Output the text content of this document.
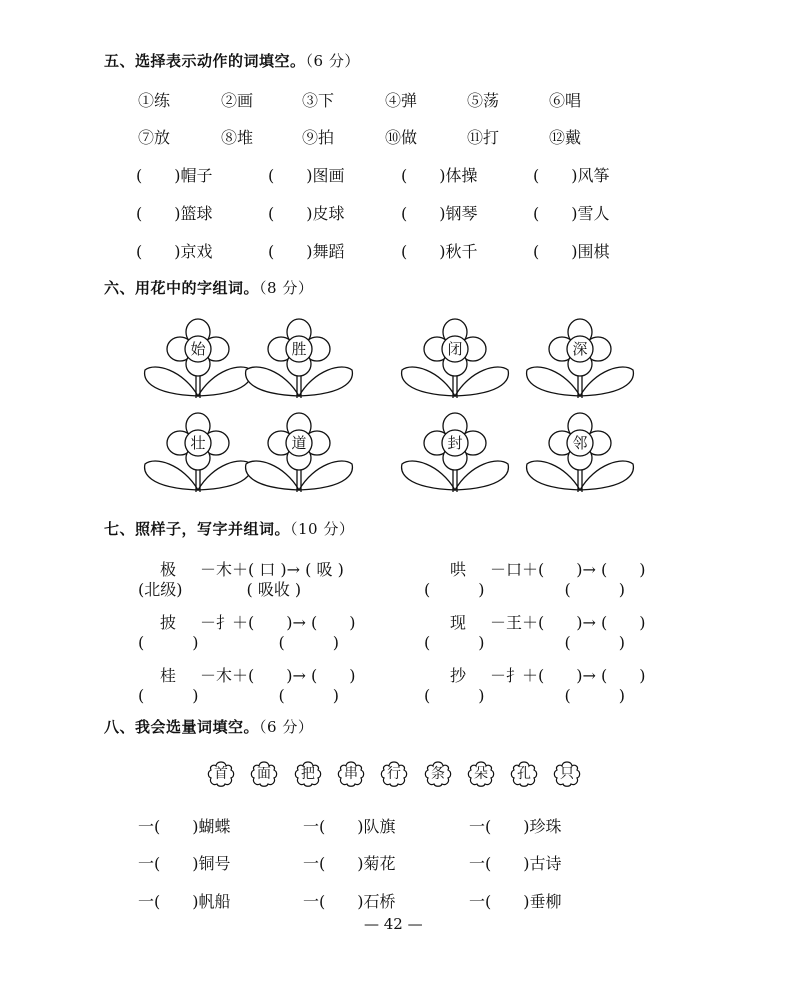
五、选择表示动作的词填空。（6 分）
①练	②画	③下	④弹	⑤荡	⑥唱
⑦放	⑧堆	⑨拍	⑩做	⑪打	⑫戴
(　　)帽子	(　　)图画	(　　)体操	(　　)风筝
(　　)篮球	(　　)皮球	(　　)钢琴	(　　)雪人
(　　)京戏	(　　)舞蹈	(　　)秋千	(　　)围棋
六、用花中的字组词。（8 分）
始	胜	闭	深
壮	道	封	邻
七、照样子，写字并组词。（10 分）
极 －木＋( 口 )→ ( 吸 )
(北级)　　　　( 吸收 )
哄 －口＋(　　)→ (　　)
(　　　)　　　　　(　　　)
披 －扌＋(　　)→ (　　)
(　　　)　　　　　(　　　)
现 －王＋(　　)→ (　　)
(　　　)　　　　　(　　　)
桂 －木＋(　　)→ (　　)
(　　　)　　　　　(　　　)
抄 －扌＋(　　)→ (　　)
(　　　)　　　　　(　　　)
八、我会选量词填空。（6 分）
首	面	把	串	行	条	朵	孔	只
一(　　)蝴蝶	一(　　)队旗	一(　　)珍珠
一(　　)铜号	一(　　)菊花	一(　　)古诗
一(　　)帆船	一(　　)石桥	一(　　)垂柳
— 42 —
